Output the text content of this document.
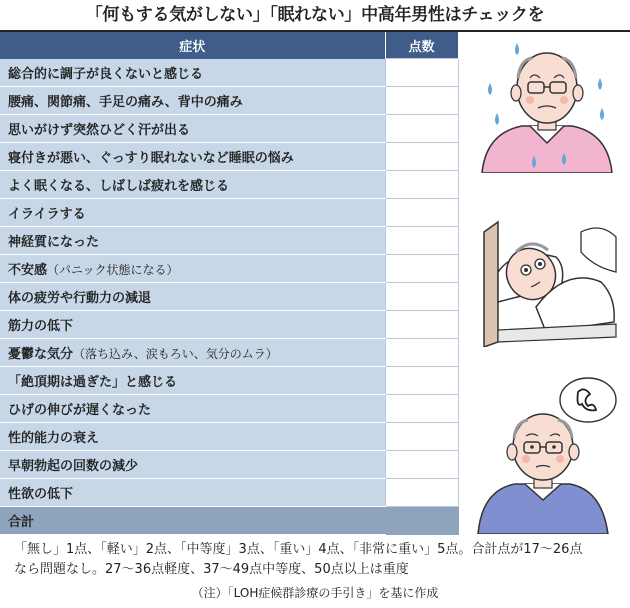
「何もする気がしない」「眠れない」中高年男性はチェックを
症状	点数
総合的に調子が良くないと感じる	
腰痛、関節痛、手足の痛み、背中の痛み	
思いがけず突然ひどく汗が出る	
寝付きが悪い、ぐっすり眠れないなど睡眠の悩み	
よく眠くなる、しばしば疲れを感じる	
イライラする	
神経質になった	
不安感（パニック状態になる）	
体の疲労や行動力の減退	
筋力の低下	
憂鬱な気分（落ち込み、涙もろい、気分のムラ）	
「絶頂期は過ぎた」と感じる	
ひげの伸びが遅くなった	
性的能力の衰え	
早朝勃起の回数の減少	
性欲の低下	
合計	
「無し」1点、「軽い」2点、「中等度」3点、「重い」4点、「非常に重い」5点。合計点が17～26点
なら問題なし。27～36点軽度、37～49点中等度、50点以上は重度
（注）「LOH症候群診療の手引き」を基に作成
